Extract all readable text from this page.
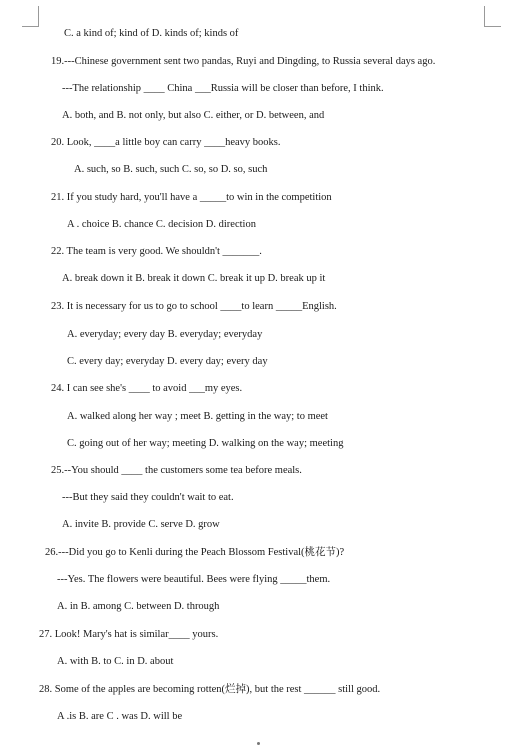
C. a kind of; kind of D. kinds of; kinds of
19.---Chinese government sent two pandas, Ruyi and Dingding, to Russia several days ago.
---The relationship ____ China ___Russia will be closer than before, I think.
A. both, and B. not only, but also C. either, or D. between, and
20. Look, ____a little boy can carry ____heavy books.
A. such, so B. such, such C. so, so D. so, such
21. If you study hard, you'll have a _____to win in the competition
A . choice B. chance C. decision D. direction
22. The team is very good. We shouldn't _______.
A. break down it B. break it down C. break it up D. break up it
23. It is necessary for us to go to school ____to learn _____English.
A. everyday; every day B. everyday; everyday
C. every day; everyday D. every day; every day
24. I can see she's ____ to avoid ___my eyes.
A. walked along her way ; meet B. getting in the way; to meet
C. going out of her way; meeting D. walking on the way; meeting
25.--You should ____ the customers some tea before meals.
---But they said they couldn't wait to eat.
A. invite B. provide C. serve D. grow
26.---Did you go to Kenli during the Peach Blossom Festival(桃花节)?
---Yes. The flowers were beautiful. Bees were flying _____them.
A. in B. among C. between D. through
27. Look! Mary's hat is similar____ yours.
A. with B. to C. in D. about
28. Some of the apples are becoming rotten(烂掉), but the rest ______ still good.
A .is B. are C . was D. will be
